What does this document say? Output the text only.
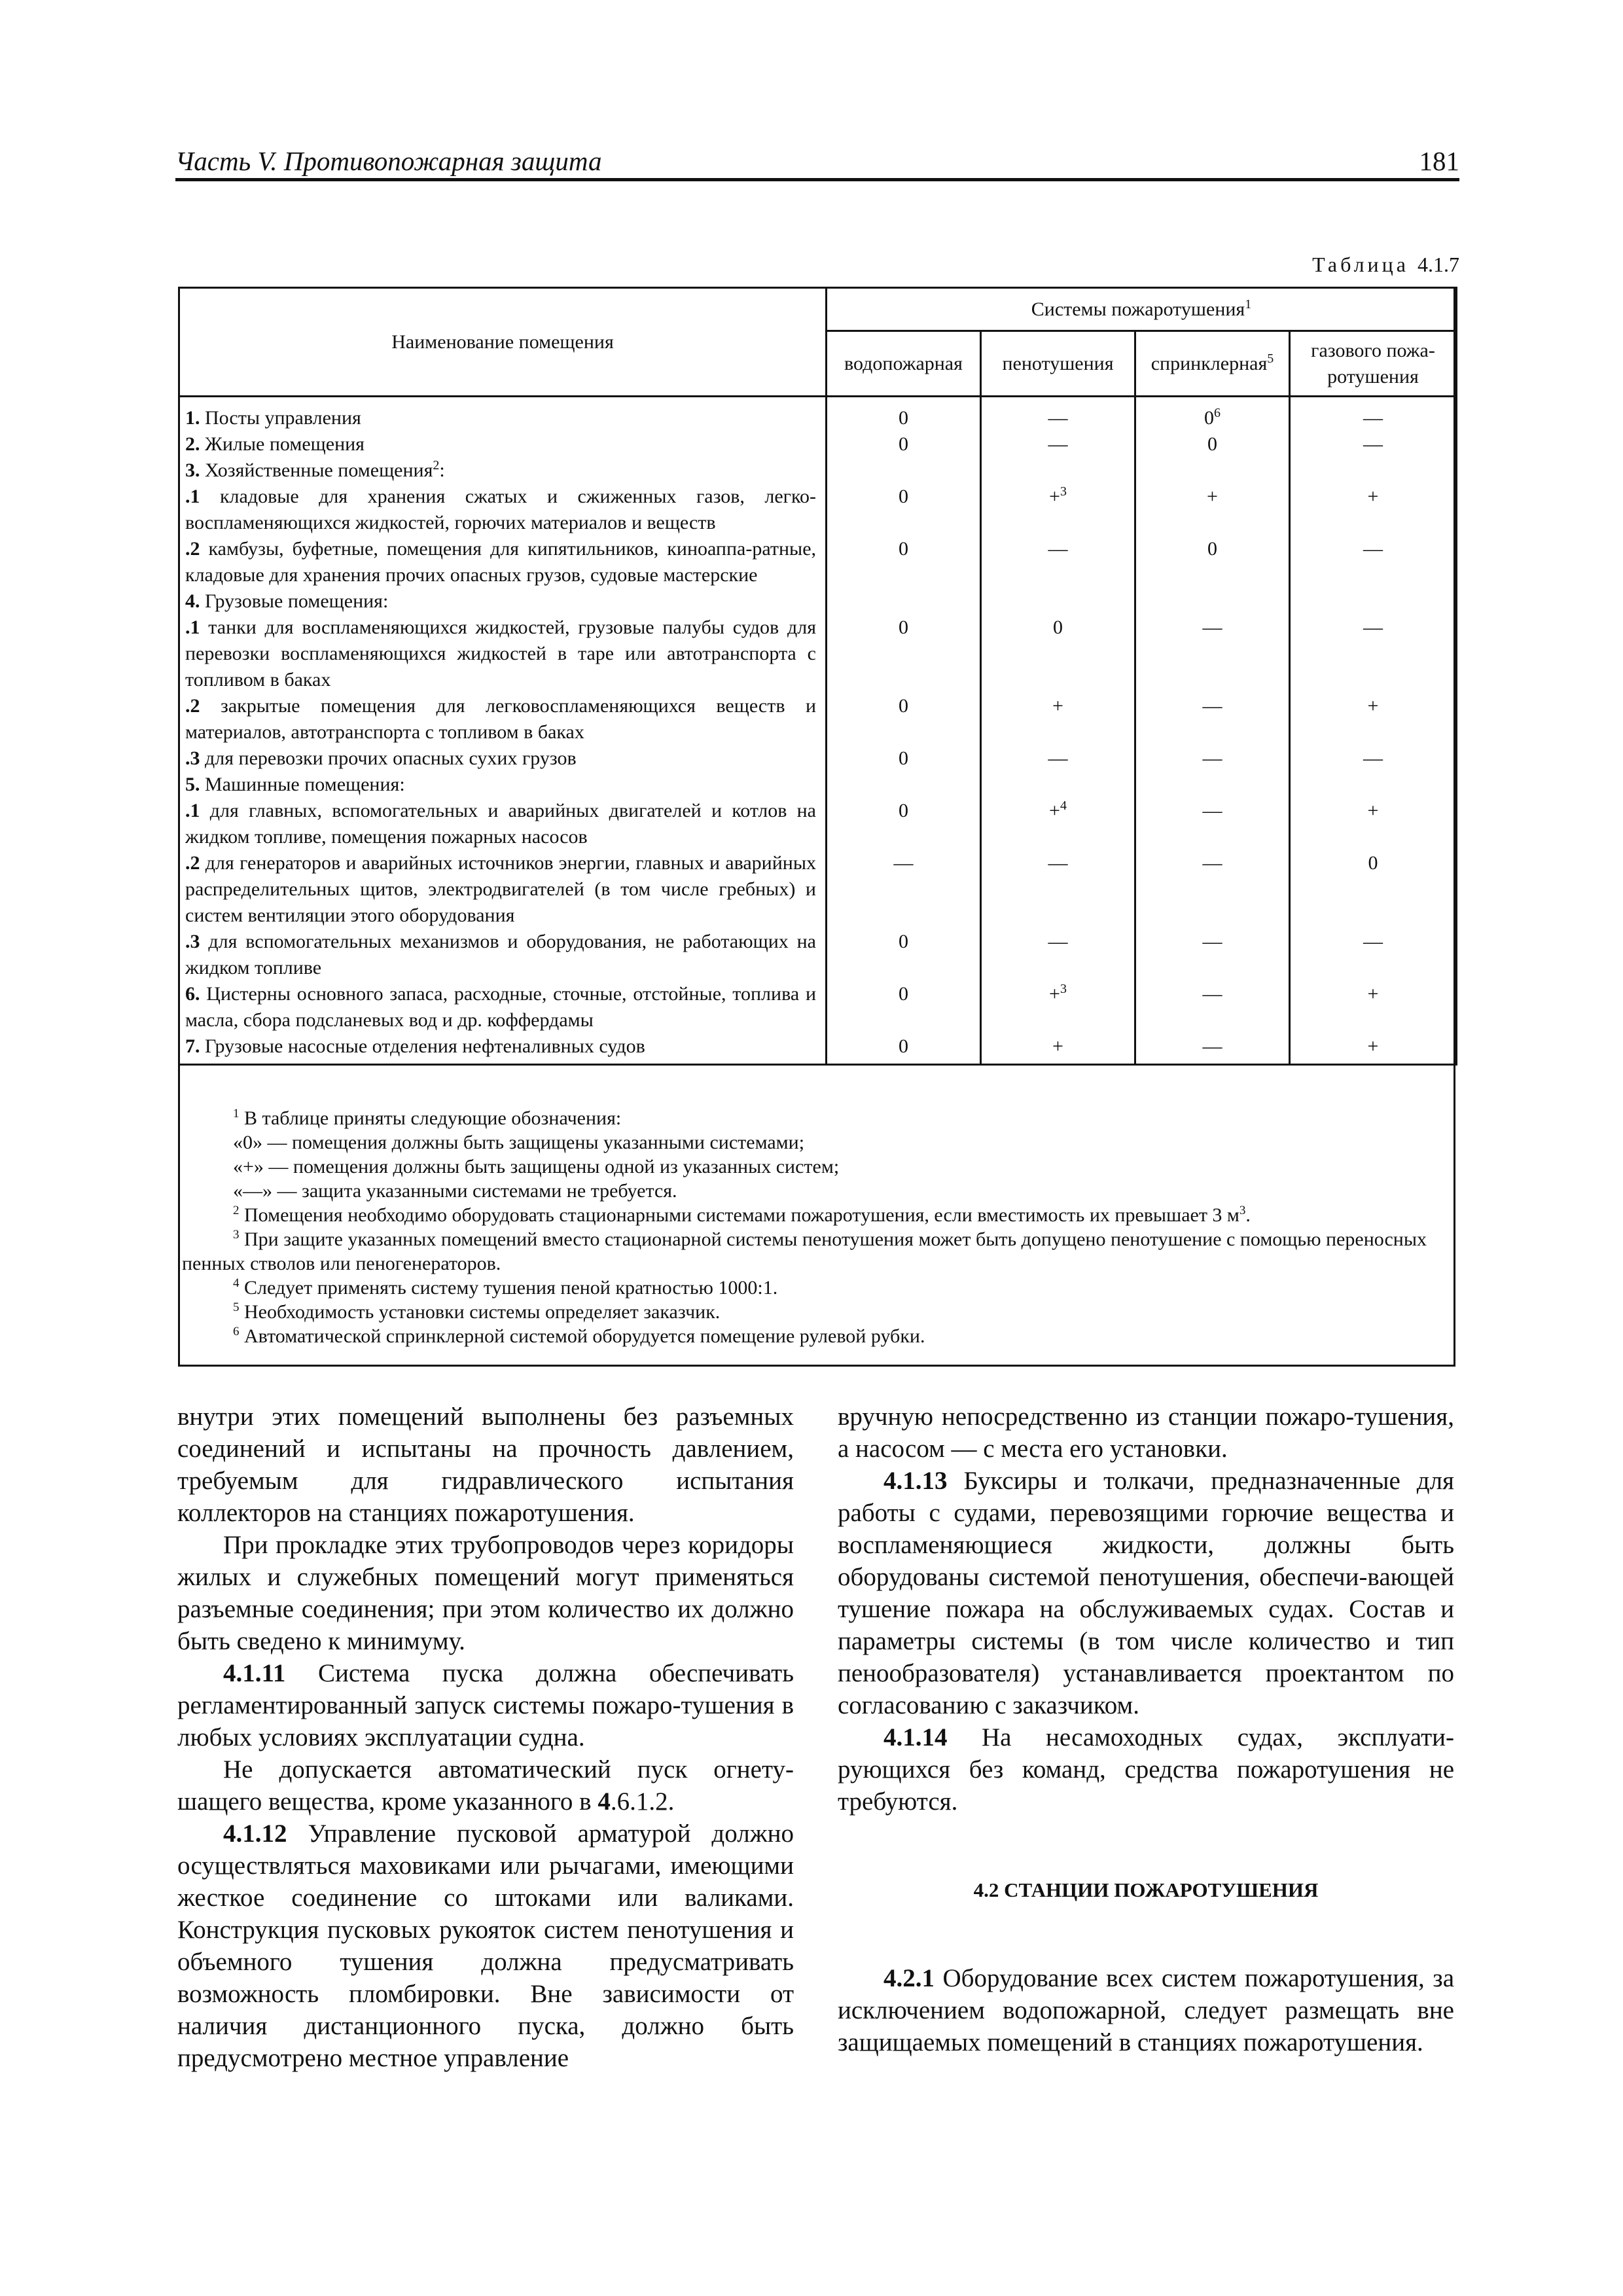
Часть V. Противопожарная защита	181
Таблица 4.1.7
Наименование помещения	Системы пожаротушения$^1$
	водопожарная	пенотушения	спринклерная$^5$	газового пожа-
ротушения
1. Посты управления	0	—	$0^6$	—
2. Жилые помещения	0	—	0	—
3. Хозяйственные помещения$^2$:				
.1 кладовые для хранения сжатых и сжиженных газов, легко-воспламеняющихся жидкостей, горючих материалов и веществ	0	+$^3$	+	+
.2 камбузы, буфетные, помещения для кипятильников, киноаппа-ратные, кладовые для хранения прочих опасных грузов, судовые мастерские	0	—	0	—
4. Грузовые помещения:				
.1 танки для воспламеняющихся жидкостей, грузовые палубы судов для перевозки воспламеняющихся жидкостей в таре или автотранспорта с топливом в баках	0	0	—	—
.2 закрытые помещения для легковоспламеняющихся веществ и материалов, автотранспорта с топливом в баках	0	+	—	+
.3 для перевозки прочих опасных сухих грузов	0	—	—	—
5. Машинные помещения:				
.1 для главных, вспомогательных и аварийных двигателей и котлов на жидком топливе, помещения пожарных насосов	0	+$^4$	—	+
.2 для генераторов и аварийных источников энергии, главных и аварийных распределительных щитов, электродвигателей (в том числе гребных) и систем вентиляции этого оборудования	—	—	—	0
.3 для вспомогательных механизмов и оборудования, не работающих на жидком топливе	0	—	—	—
6. Цистерны основного запаса, расходные, сточные, отстойные, топлива и масла, сбора подсланевых вод и др. коффердамы	0	+$^3$	—	+
7. Грузовые насосные отделения нефтеналивных судов	0	+	—	+
$^1$ В таблице приняты следующие обозначения:
«0» — помещения должны быть защищены указанными системами;
«+» — помещения должны быть защищены одной из указанных систем;
«—» — защита указанными системами не требуется.
$^2$ Помещения необходимо оборудовать стационарными системами пожаротушения, если вместимость их превышает 3 $м^3$.
$^3$ При защите указанных помещений вместо стационарной системы пенотушения может быть допущено пенотушение с помощью переносных пенных стволов или пеногенераторов.
$^4$ Следует применять систему тушения пеной кратностью 1000:1.
$^5$ Необходимость установки системы определяет заказчик.
$^6$ Автоматической спринклерной системой оборудуется помещение рулевой рубки.

внутри этих помещений выполнены без разъемных соединений и испытаны на прочность давлением, требуемым для гидравлического испытания коллекторов на станциях пожаротушения.

При прокладке этих трубопроводов через коридоры жилых и служебных помещений могут применяться разъемные соединения; при этом количество их должно быть сведено к минимуму.

4.1.11 Система пуска должна обеспечивать регламентированный запуск системы пожаро-тушения в любых условиях эксплуатации судна.

Не допускается автоматический пуск огнету-шащего вещества, кроме указанного в 4.6.1.2.

4.1.12 Управление пусковой арматурой должно осуществляться маховиками или рычагами, имеющими жесткое соединение со штоками или валиками. Конструкция пусковых рукояток систем пенотушения и объемного тушения должна предусматривать возможность пломбировки. Вне зависимости от наличия дистанционного пуска, должно быть предусмотрено местное управление

вручную непосредственно из станции пожаро-тушения, а насосом — с места его установки.

4.1.13 Буксиры и толкачи, предназначенные для работы с судами, перевозящими горючие вещества и воспламеняющиеся жидкости, должны быть оборудованы системой пенотушения, обеспечи-вающей тушение пожара на обслуживаемых судах. Состав и параметры системы (в том числе количество и тип пенообразователя) устанавливается проектантом по согласованию с заказчиком.

4.1.14 На несамоходных судах, эксплуати-рующихся без команд, средства пожаротушения не требуются.

4.2 СТАНЦИИ ПОЖАРОТУШЕНИЯ

4.2.1 Оборудование всех систем пожаротушения, за исключением водопожарной, следует размещать вне защищаемых помещений в станциях пожаротушения.
